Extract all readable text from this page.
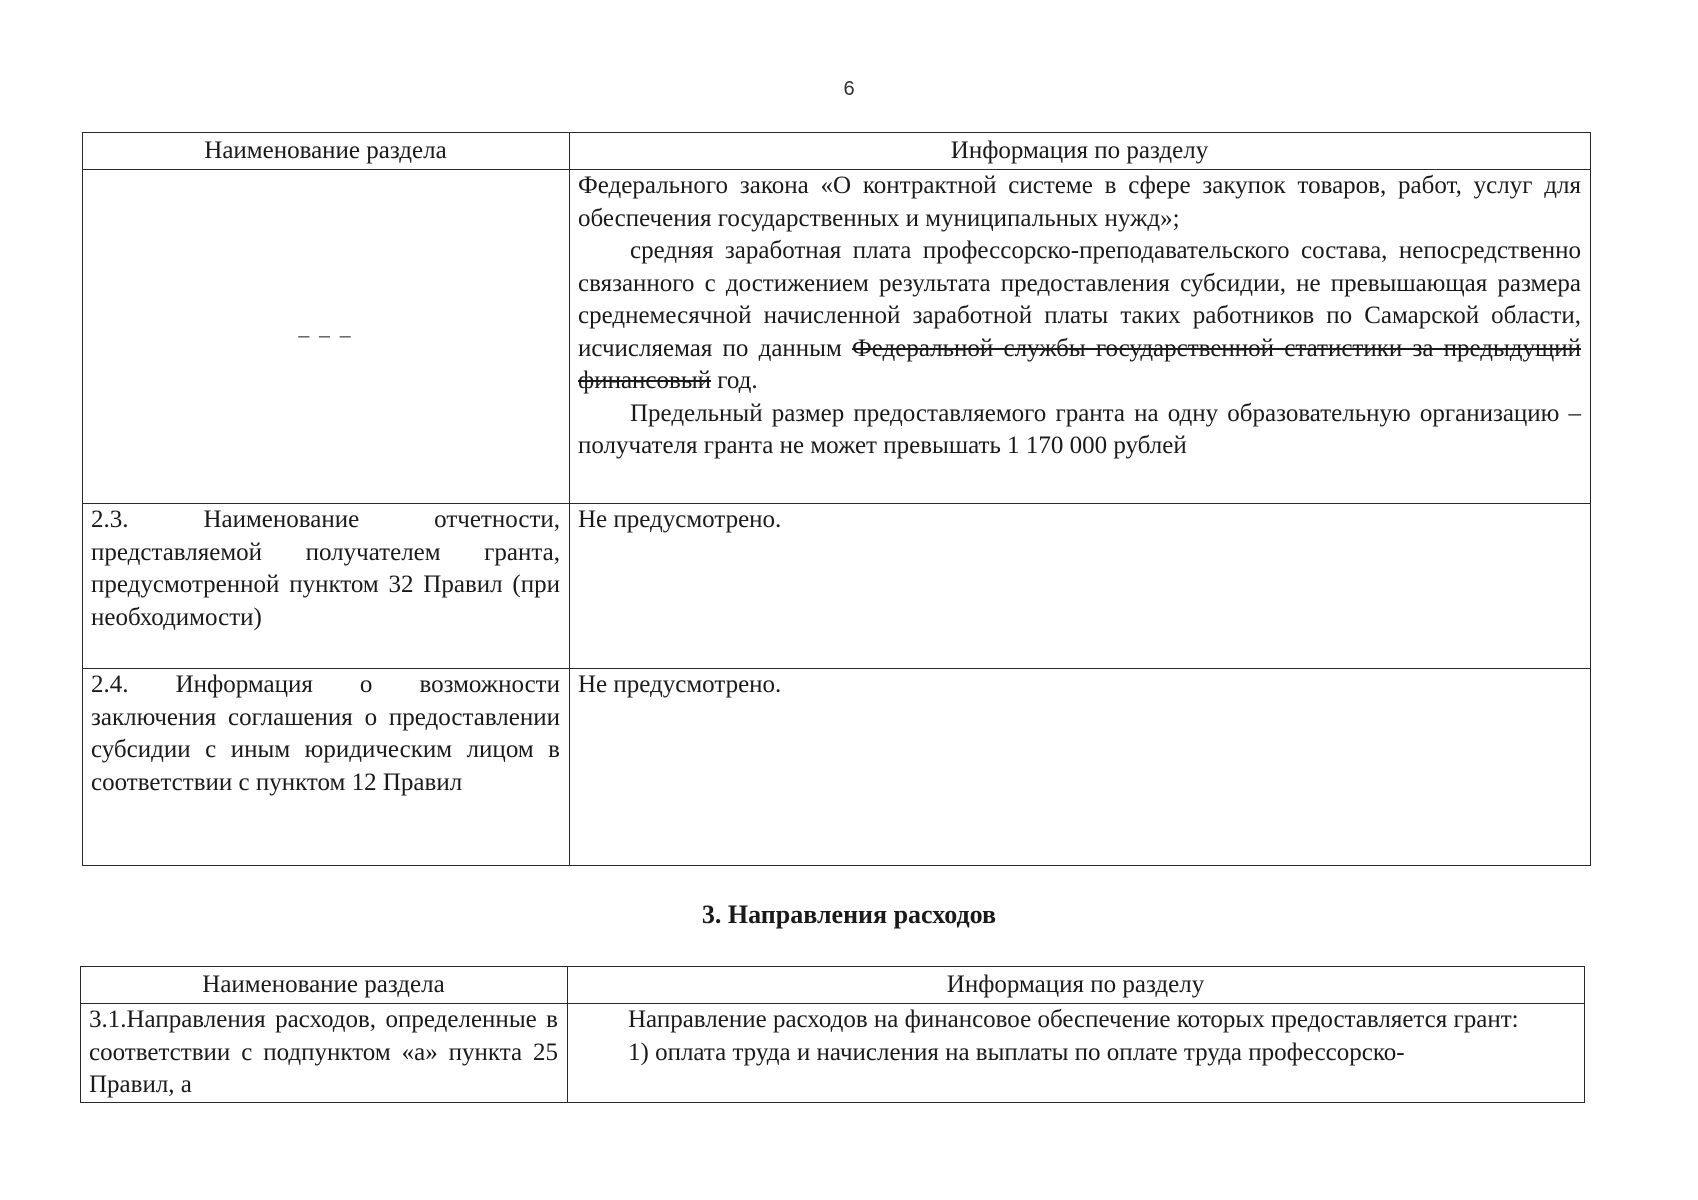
6
Наименование раздела	Информация по разделу

– – –	Федерального закона «О контрактной системе в сфере закупок товаров, работ, услуг для обеспечения государственных и муниципальных нужд»;
средняя заработная плата профессорско-преподавательского состава, непосредственно связанного с достижением результата предоставления субсидии, не превышающая размера среднемесячной начисленной заработной платы таких работников по Самарской области, исчисляемая по данным Федеральной службы государственной статистики за предыдущий финансовый год.
Предельный размер предоставляемого гранта на одну образовательную организацию – получателя гранта не может превышать 1 170 000 рублей

2.3. Наименование отчетности, представляемой получателем гранта, предусмотренной пунктом 32 Правил (при необходимости)	Не предусмотрено.
2.4. Информация о возможности заключения соглашения о предоставлении субсидии с иным юридическим лицом в соответствии с пунктом 12 Правил	Не предусмотрено.
3. Направления расходов
Наименование раздела	Информация по разделу
3.1.Направления расходов, определенные в соответствии с подпунктом «а» пункта 25 Правил, а	Направление расходов на финансовое обеспечение которых предоставляется грант:
1) оплата труда и начисления на выплаты по оплате труда профессорско-
